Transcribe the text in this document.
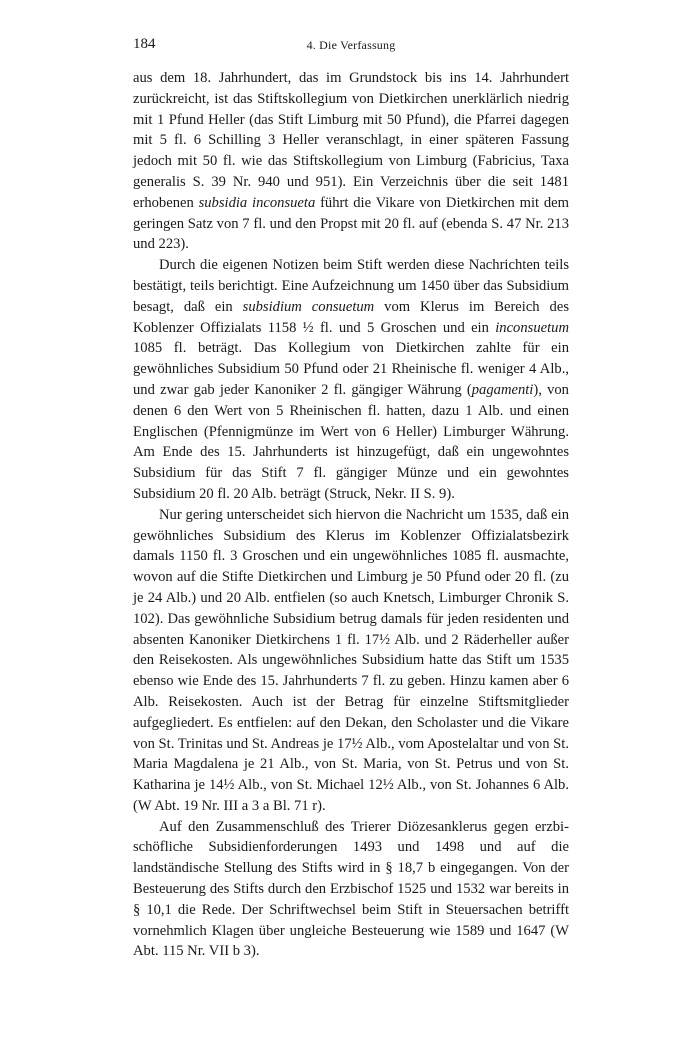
184	4. Die Verfassung

aus dem 18. Jahrhundert, das im Grundstock bis ins 14. Jahrhundert zurückreicht, ist das Stiftskollegium von Dietkirchen unerklärlich niedrig mit 1 Pfund Heller (das Stift Limburg mit 50 Pfund), die Pfarrei dagegen mit 5 fl. 6 Schilling 3 Heller veranschlagt, in einer späteren Fassung jedoch mit 50 fl. wie das Stiftskollegium von Limburg (Fabricius, Taxa generalis S. 39 Nr. 940 und 951). Ein Verzeichnis über die seit 1481 erhobenen subsidia inconsueta führt die Vikare von Dietkirchen mit dem geringen Satz von 7 fl. und den Propst mit 20 fl. auf (ebenda S. 47 Nr. 213 und 223).

Durch die eigenen Notizen beim Stift werden diese Nachrichten teils bestätigt, teils berichtigt. Eine Aufzeichnung um 1450 über das Subsidium besagt, daß ein subsidium consuetum vom Klerus im Bereich des Koblenzer Offizialats 1158 ½ fl. und 5 Groschen und ein inconsuetum 1085 fl. beträgt. Das Kollegium von Dietkirchen zahlte für ein gewöhnliches Subsidium 50 Pfund oder 21 Rheinische fl. weniger 4 Alb., und zwar gab jeder Kanoniker 2 fl. gängiger Währung (pagamenti), von denen 6 den Wert von 5 Rheinischen fl. hatten, dazu 1 Alb. und einen Englischen (Pfennigmünze im Wert von 6 Heller) Limburger Währung. Am Ende des 15. Jahrhunderts ist hinzugefügt, daß ein ungewohntes Subsidium für das Stift 7 fl. gängiger Münze und ein gewohntes Subsidium 20 fl. 20 Alb. beträgt (Struck, Nekr. II S. 9).

Nur gering unterscheidet sich hiervon die Nachricht um 1535, daß ein gewöhnliches Subsidium des Klerus im Koblenzer Offizialatsbezirk damals 1150 fl. 3 Groschen und ein ungewöhnliches 1085 fl. ausmachte, wovon auf die Stifte Dietkirchen und Limburg je 50 Pfund oder 20 fl. (zu je 24 Alb.) und 20 Alb. entfielen (so auch Knetsch, Limburger Chronik S. 102). Das gewöhnliche Subsidium betrug damals für jeden residenten und absenten Kanoniker Dietkirchens 1 fl. 17½ Alb. und 2 Räderheller außer den Reisekosten. Als ungewöhnliches Subsidium hatte das Stift um 1535 ebenso wie Ende des 15. Jahrhunderts 7 fl. zu geben. Hinzu kamen aber 6 Alb. Reisekosten. Auch ist der Betrag für einzelne Stiftsmitglieder aufgegliedert. Es entfielen: auf den Dekan, den Scholaster und die Vikare von St. Trinitas und St. Andreas je 17½ Alb., vom Apostelaltar und von St. Maria Magdalena je 21 Alb., von St. Maria, von St. Petrus und von St. Katharina je 14½ Alb., von St. Michael 12½ Alb., von St. Johannes 6 Alb. (W Abt. 19 Nr. III a 3 a Bl. 71 r).

Auf den Zusammenschluß des Trierer Diözesanklerus gegen erzbischöfliche Subsidienforderungen 1493 und 1498 und auf die landständische Stellung des Stifts wird in § 18,7 b eingegangen. Von der Besteuerung des Stifts durch den Erzbischof 1525 und 1532 war bereits in § 10,1 die Rede. Der Schriftwechsel beim Stift in Steuersachen betrifft vornehmlich Klagen über ungleiche Besteuerung wie 1589 und 1647 (W Abt. 115 Nr. VII b 3).
